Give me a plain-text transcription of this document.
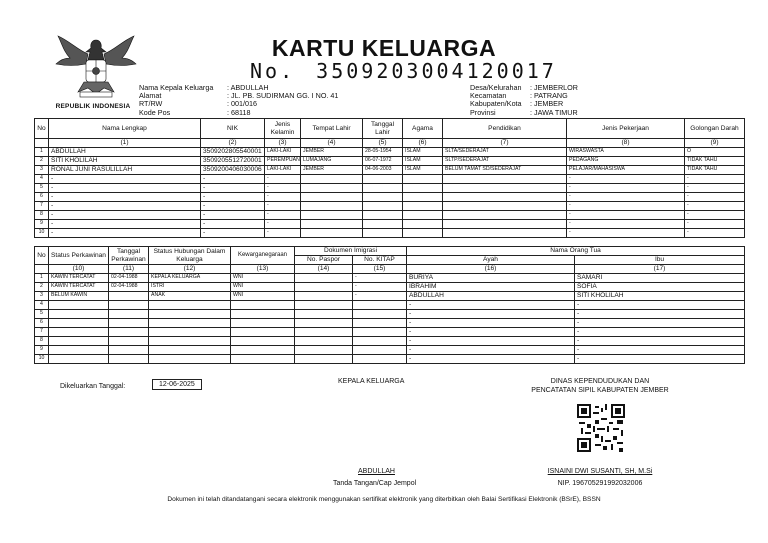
REPUBLIK INDONESIA
KARTU KELUARGA
No. 3509203004120017
Nama Kepala Keluarga : ABDULLAH
Alamat	: JL. PB. SUDIRMAN GG. I NO. 41
RT/RW	: 001/016
Kode Pos	: 68118
Desa/Kelurahan : JEMBERLOR
Kecamatan	: PATRANG
Kabupaten/Kota : JEMBER
Provinsi	: JAWA TIMUR
No	Nama Lengkap	NIK	Jenis Kelamin	Tempat Lahir	Tanggal Lahir	Agama	Pendidikan	Jenis Pekerjaan	Golongan Darah
	(1)	(2)	(3)	(4)	(5)	(6)	(7)	(8)	(9)
1	ABDULLAH	3509202805540001	LAKI-LAKI	JEMBER	28-05-1954	ISLAM	SLTA/SEDERAJAT	WIRASWASTA	O
2	SITI KHOLILAH	3509205512720001	PEREMPUAN	LUMAJANG	06-07-1972	ISLAM	SLTP/SEDERAJAT	PEDAGANG	TIDAK TAHU
3	RONAL JUNI RASULILLAH	3509200406030006	LAKI-LAKI	JEMBER	04-06-2003	ISLAM	BELUM TAMAT SD/SEDERAJAT	PELAJAR/MAHASISWA	TIDAK TAHU
4	-	-	-					-	-
5	-	-	-					-	-
6	-	-	-					-	-
7	-	-	-					-	-
8	-	-	-					-	-
9	-	-	-					-	-
10	-	-	-					-	-
No	Status Perkawinan	Tanggal Perkawinan	Status Hubungan Dalam Keluarga	Kewarganegaraan	Dokumen Imigrasi		Nama Orang Tua	
					No. Paspor	No. KITAP	Ayah	Ibu
	(10)	(11)	(12)	(13)	(14)	(15)	(16)	(17)
1	KAWIN TERCATAT	02-04-1988	KEPALA KELUARGA	WNI		-	BURIYA	SAMARI
2	KAWIN TERCATAT	02-04-1988	ISTRI	WNI		-	IBRAHIM	SOFIA
3	BELUM KAWIN		ANAK	WNI		-	ABDULLAH	SITI KHOLILAH
4							-	-
5							-	-
6							-	-
7							-	-
8							-	-
9							-	-
10							-	-
Dikeluarkan Tanggal:	12-06-2025	KEPALA KELUARGA
ABDULLAH
Tanda Tangan/Cap Jempol
DINAS KEPENDUDUKAN DAN
PENCATATAN SIPIL KABUPATEN JEMBER
ISNAINI DWI SUSANTI, SH, M.Si
NIP. 196705291992032006
Dokumen ini telah ditandatangani secara elektronik menggunakan sertifikat elektronik yang diterbitkan oleh Balai Sertifikasi Elektronik (BSrE), BSSN
